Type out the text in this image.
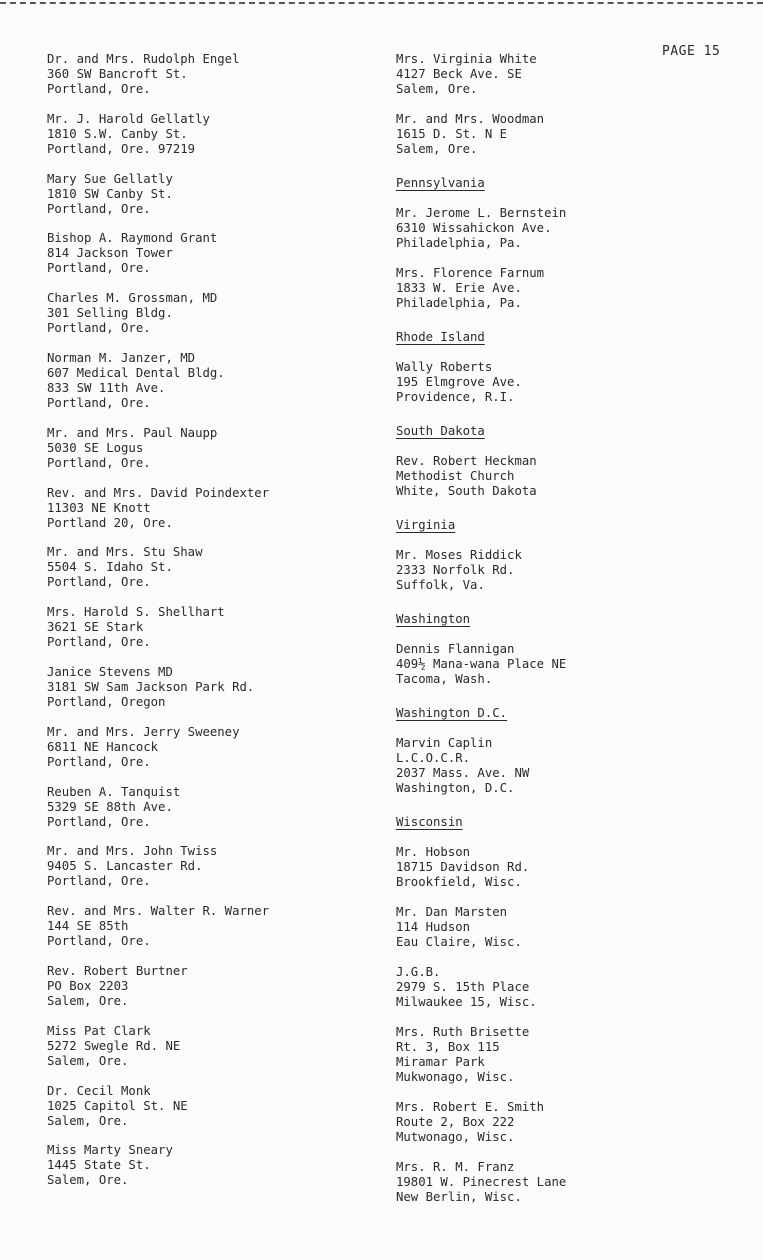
PAGE 15
Dr. and Mrs. Rudolph Engel
360 SW Bancroft St.
Portland, Ore.
Mr. J. Harold Gellatly
1810 S.W. Canby St.
Portland, Ore. 97219
Mary Sue Gellatly
1810 SW Canby St.
Portland, Ore.
Bishop A. Raymond Grant
814 Jackson Tower
Portland, Ore.
Charles M. Grossman, MD
301 Selling Bldg.
Portland, Ore.
Norman M. Janzer, MD
607 Medical Dental Bldg.
833 SW 11th Ave.
Portland, Ore.
Mr. and Mrs. Paul Naupp
5030 SE Logus
Portland, Ore.
Rev. and Mrs. David Poindexter
11303 NE Knott
Portland 20, Ore.
Mr. and Mrs. Stu Shaw
5504 S. Idaho St.
Portland, Ore.
Mrs. Harold S. Shellhart
3621 SE Stark
Portland, Ore.
Janice Stevens MD
3181 SW Sam Jackson Park Rd.
Portland, Oregon
Mr. and Mrs. Jerry Sweeney
6811 NE Hancock
Portland, Ore.
Reuben A. Tanquist
5329 SE 88th Ave.
Portland, Ore.
Mr. and Mrs. John Twiss
9405 S. Lancaster Rd.
Portland, Ore.
Rev. and Mrs. Walter R. Warner
144 SE 85th
Portland, Ore.
Rev. Robert Burtner
PO Box 2203
Salem, Ore.
Miss Pat Clark
5272 Swegle Rd. NE
Salem, Ore.
Dr. Cecil Monk
1025 Capitol St. NE
Salem, Ore.
Miss Marty Sneary
1445 State St.
Salem, Ore.
Mrs. Virginia White
4127 Beck Ave. SE
Salem, Ore.
Mr. and Mrs. Woodman
1615 D. St. N E
Salem, Ore.
Pennsylvania
Mr. Jerome L. Bernstein
6310 Wissahickon Ave.
Philadelphia, Pa.
Mrs. Florence Farnum
1833 W. Erie Ave.
Philadelphia, Pa.
Rhode Island
Wally Roberts
195 Elmgrove Ave.
Providence, R.I.
South Dakota
Rev. Robert Heckman
Methodist Church
White, South Dakota
Virginia
Mr. Moses Riddick
2333 Norfolk Rd.
Suffolk, Va.
Washington
Dennis Flannigan
409½ Mana-wana Place NE
Tacoma, Wash.
Washington D.C.
Marvin Caplin
L.C.O.C.R.
2037 Mass. Ave. NW
Washington, D.C.
Wisconsin
Mr. Hobson
18715 Davidson Rd.
Brookfield, Wisc.
Mr. Dan Marsten
114 Hudson
Eau Claire, Wisc.
J.G.B.
2979 S. 15th Place
Milwaukee 15, Wisc.
Mrs. Ruth Brisette
Rt. 3, Box 115
Miramar Park
Mukwonago, Wisc.
Mrs. Robert E. Smith
Route 2, Box 222
Mutwonago, Wisc.
Mrs. R. M. Franz
19801 W. Pinecrest Lane
New Berlin, Wisc.
